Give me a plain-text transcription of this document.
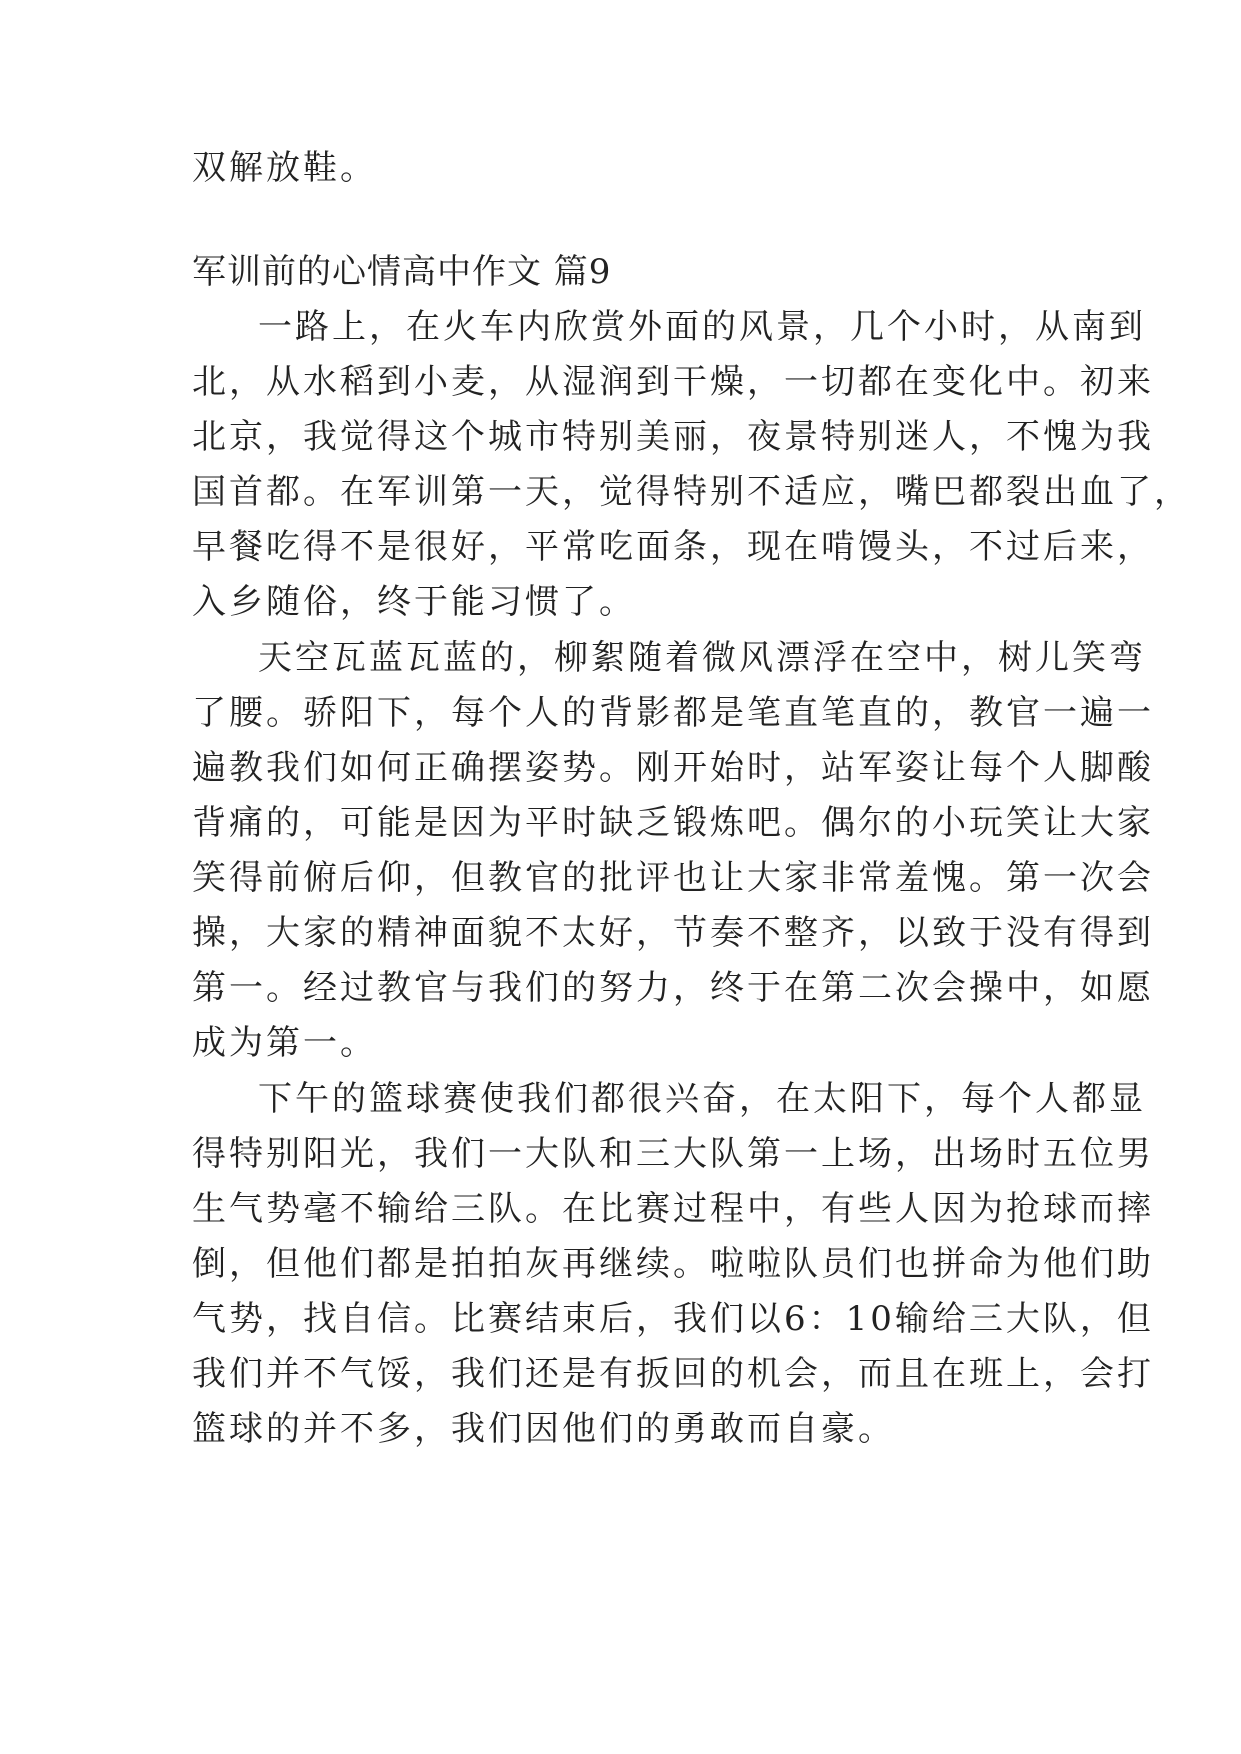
双解放鞋。
军训前的心情高中作文 篇9
一路上，在火车内欣赏外面的风景，几个小时，从南到
北，从水稻到小麦，从湿润到干燥，一切都在变化中。初来
北京，我觉得这个城市特别美丽，夜景特别迷人，不愧为我
国首都。在军训第一天，觉得特别不适应，嘴巴都裂出血了，
早餐吃得不是很好，平常吃面条，现在啃馒头，不过后来，
入乡随俗，终于能习惯了。
天空瓦蓝瓦蓝的，柳絮随着微风漂浮在空中，树儿笑弯
了腰。骄阳下，每个人的背影都是笔直笔直的，教官一遍一
遍教我们如何正确摆姿势。刚开始时，站军姿让每个人脚酸
背痛的，可能是因为平时缺乏锻炼吧。偶尔的小玩笑让大家
笑得前俯后仰，但教官的批评也让大家非常羞愧。第一次会
操，大家的精神面貌不太好，节奏不整齐，以致于没有得到
第一。经过教官与我们的努力，终于在第二次会操中，如愿
成为第一。
下午的篮球赛使我们都很兴奋，在太阳下，每个人都显
得特别阳光，我们一大队和三大队第一上场，出场时五位男
生气势毫不输给三队。在比赛过程中，有些人因为抢球而摔
倒，但他们都是拍拍灰再继续。啦啦队员们也拼命为他们助
气势，找自信。比赛结束后，我们以6：10输给三大队，但
我们并不气馁，我们还是有扳回的机会，而且在班上，会打
篮球的并不多，我们因他们的勇敢而自豪。
